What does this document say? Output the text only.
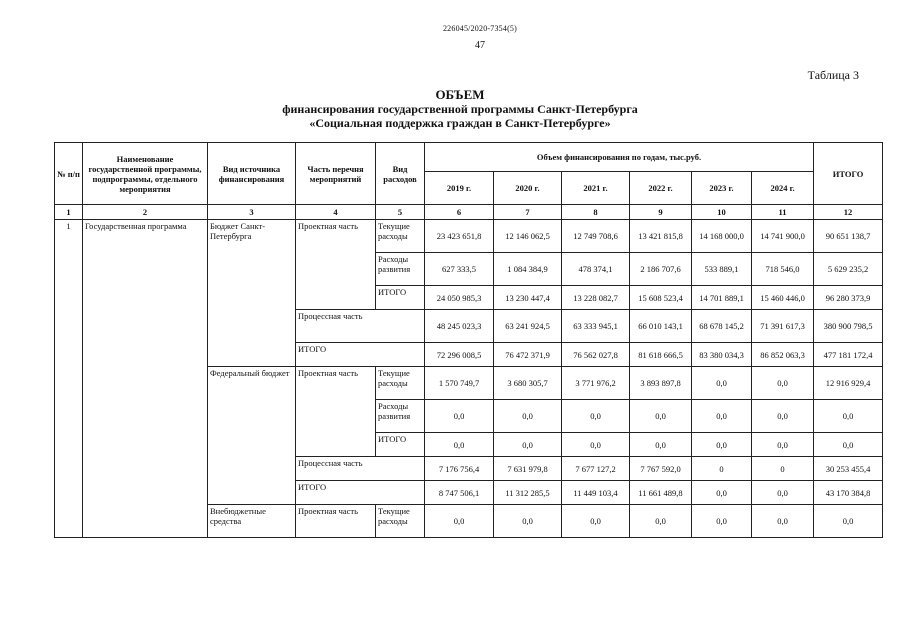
226045/2020-7354(5)
47
Таблица 3
ОБЪЕМ
финансирования государственной программы Санкт-Петербурга
«Социальная поддержка граждан в Санкт-Петербурге»
№ п/п	Наименование государственной программы, подпрограммы, отдельного мероприятия	Вид источника финансирования	Часть перечня мероприятий	Вид расходов	Объем финансирования по годам, тыс.руб.						ИТОГО
					2019 г.	2020 г.	2021 г.	2022 г.	2023 г.	2024 г.	
1	2	3	4	5	6	7	8	9	10	11	12
1	Государственная программа	Бюджет Санкт-Петербурга	Проектная часть	Текущие расходы	23 423 651,8	12 146 062,5	12 749 708,6	13 421 815,8	14 168 000,0	14 741 900,0	90 651 138,7
				Расходы развития	627 333,5	1 084 384,9	478 374,1	2 186 707,6	533 889,1	718 546,0	5 629 235,2
				ИТОГО	24 050 985,3	13 230 447,4	13 228 082,7	15 608 523,4	14 701 889,1	15 460 446,0	96 280 373,9
			Процессная часть		48 245 023,3	63 241 924,5	63 333 945,1	66 010 143,1	68 678 145,2	71 391 617,3	380 900 798,5
			ИТОГО		72 296 008,5	76 472 371,9	76 562 027,8	81 618 666,5	83 380 034,3	86 852 063,3	477 181 172,4
		Федеральный бюджет	Проектная часть	Текущие расходы	1 570 749,7	3 680 305,7	3 771 976,2	3 893 897,8	0,0	0,0	12 916 929,4
				Расходы развития	0,0	0,0	0,0	0,0	0,0	0,0	0,0
				ИТОГО	0,0	0,0	0,0	0,0	0,0	0,0	0,0
			Процессная часть		7 176 756,4	7 631 979,8	7 677 127,2	7 767 592,0	0	0	30 253 455,4
			ИТОГО		8 747 506,1	11 312 285,5	11 449 103,4	11 661 489,8	0,0	0,0	43 170 384,8
		Внебюджетные средства	Проектная часть	Текущие расходы	0,0	0,0	0,0	0,0	0,0	0,0	0,0
